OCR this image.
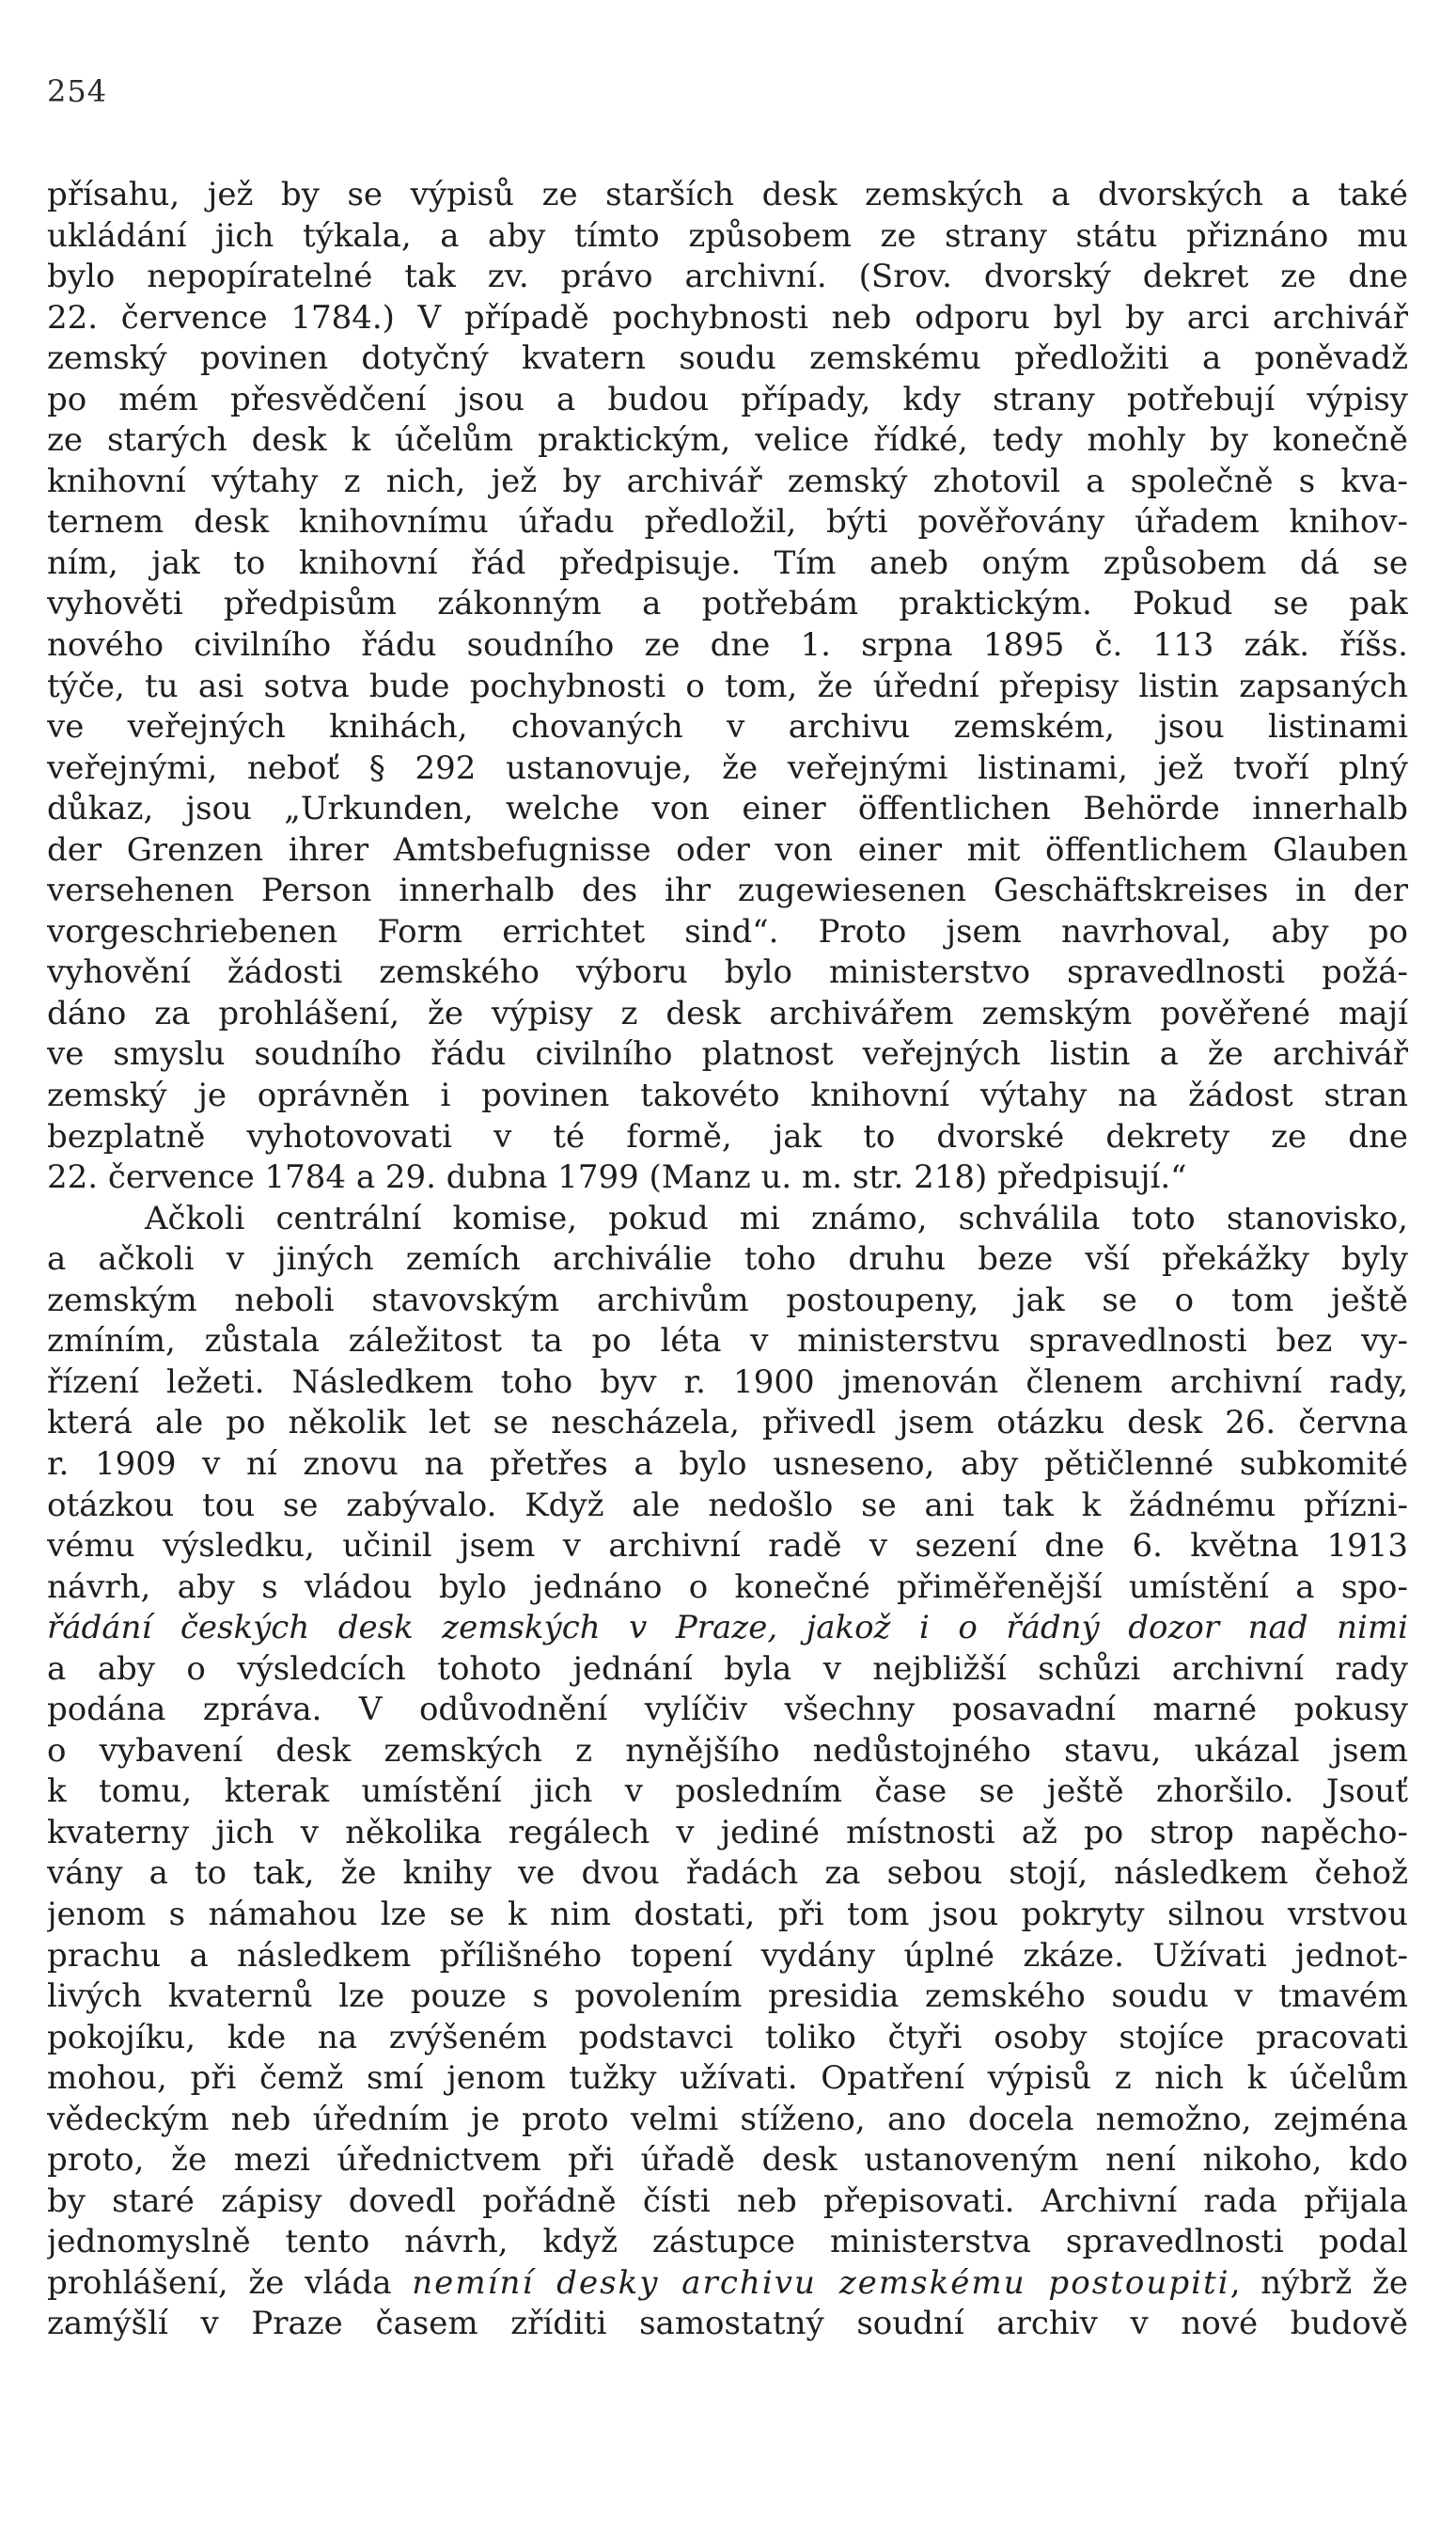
254
přísahu, jež by se výpisů ze starších desk zemských a dvorských a také
ukládání jich týkala, a aby tímto způsobem ze strany státu přiznáno mu
bylo nepopíratelné tak zv. právo archivní. (Srov. dvorský dekret ze dne
22. července 1784.) V případě pochybnosti neb odporu byl by arci archivář
zemský povinen dotyčný kvatern soudu zemskému předložiti a poněvadž
po mém přesvědčení jsou a budou případy, kdy strany potřebují výpisy
ze starých desk k účelům praktickým, velice řídké, tedy mohly by konečně
knihovní výtahy z nich, jež by archivář zemský zhotovil a společně s kva-
ternem desk knihovnímu úřadu předložil, býti pověřovány úřadem knihov-
ním, jak to knihovní řád předpisuje. Tím aneb oným způsobem dá se
vyhověti předpisům zákonným a potřebám praktickým. Pokud se pak
nového civilního řádu soudního ze dne 1. srpna 1895 č. 113 zák. říšs.
týče, tu asi sotva bude pochybnosti o tom, že úřední přepisy listin zapsaných
ve veřejných knihách, chovaných v archivu zemském, jsou listinami
veřejnými, neboť § 292 ustanovuje, že veřejnými listinami, jež tvoří plný
důkaz, jsou „Urkunden, welche von einer öffentlichen Behörde innerhalb
der Grenzen ihrer Amtsbefugnisse oder von einer mit öffentlichem Glauben
versehenen Person innerhalb des ihr zugewiesenen Geschäftskreises in der
vorgeschriebenen Form errichtet sind“. Proto jsem navrhoval, aby po
vyhovění žádosti zemského výboru bylo ministerstvo spravedlnosti požá-
dáno za prohlášení, že výpisy z desk archivářem zemským pověřené mají
ve smyslu soudního řádu civilního platnost veřejných listin a že archivář
zemský je oprávněn i povinen takovéto knihovní výtahy na žádost stran
bezplatně vyhotovovati v té formě, jak to dvorské dekrety ze dne
22. července 1784 a 29. dubna 1799 (Manz u. m. str. 218) předpisují.“
Ačkoli centrální komise, pokud mi známo, schválila toto stanovisko,
a ačkoli v jiných zemích archiválie toho druhu beze vší překážky byly
zemským neboli stavovským archivům postoupeny, jak se o tom ještě
zmíním, zůstala záležitost ta po léta v ministerstvu spravedlnosti bez vy-
řízení ležeti. Následkem toho byv r. 1900 jmenován členem archivní rady,
která ale po několik let se nescházela, přivedl jsem otázku desk 26. června
r. 1909 v ní znovu na přetřes a bylo usneseno, aby pětičlenné subkomité
otázkou tou se zabývalo. Když ale nedošlo se ani tak k žádnému přízni-
vému výsledku, učinil jsem v archivní radě v sezení dne 6. května 1913
návrh, aby s vládou bylo jednáno o konečné přiměřenější umístění a spo-
řádání českých desk zemských v Praze, jakož i o řádný dozor nad nimi
a aby o výsledcích tohoto jednání byla v nejbližší schůzi archivní rady
podána zpráva. V odůvodnění vylíčiv všechny posavadní marné pokusy
o vybavení desk zemských z nynějšího nedůstojného stavu, ukázal jsem
k tomu, kterak umístění jich v posledním čase se ještě zhoršilo. Jsouť
kvaterny jich v několika regálech v jediné místnosti až po strop napěcho-
vány a to tak, že knihy ve dvou řadách za sebou stojí, následkem čehož
jenom s námahou lze se k nim dostati, při tom jsou pokryty silnou vrstvou
prachu a následkem přílišného topení vydány úplné zkáze. Užívati jednot-
livých kvaternů lze pouze s povolením presidia zemského soudu v tmavém
pokojíku, kde na zvýšeném podstavci toliko čtyři osoby stojíce pracovati
mohou, při čemž smí jenom tužky užívati. Opatření výpisů z nich k účelům
vědeckým neb úředním je proto velmi stíženo, ano docela nemožno, zejména
proto, že mezi úřednictvem při úřadě desk ustanoveným není nikoho, kdo
by staré zápisy dovedl pořádně čísti neb přepisovati. Archivní rada přijala
jednomyslně tento návrh, když zástupce ministerstva spravedlnosti podal
prohlášení, že vláda nemíní desky archivu zemskému postoupiti, nýbrž že
zamýšlí v Praze časem zříditi samostatný soudní archiv v nové budově
